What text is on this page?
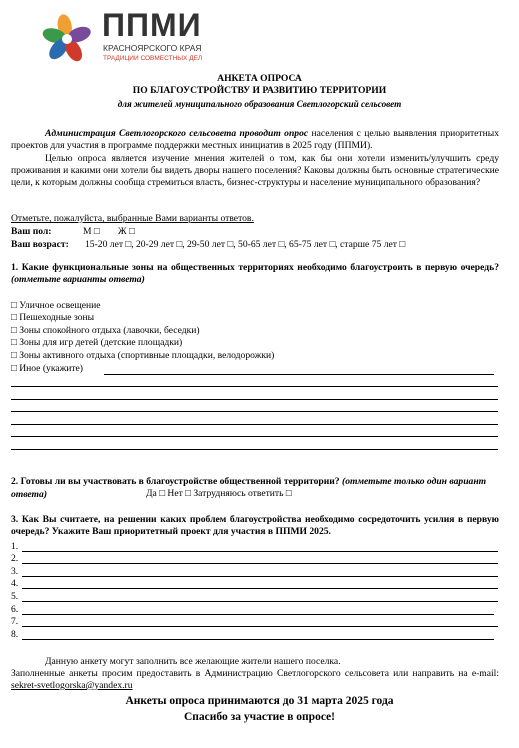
ППМИ
КРАСНОЯРСКОГО КРАЯ
ТРАДИЦИИ СОВМЕСТНЫХ ДЕЛ
АНКЕТА ОПРОСА
ПО БЛАГОУСТРОЙСТВУ И РАЗВИТИЮ ТЕРРИТОРИИ
для жителей муниципального образования Светлогорский сельсовет
Администрация Светлогорского сельсовета проводит опрос населения с целью выявления приоритетных проектов для участия в программе поддержки местных инициатив в 2025 году (ППМИ).
Целью опроса является изучение мнения жителей о том, как бы они хотели изменить/улучшить среду проживания и какими они хотели бы видеть дворы нашего поселения? Каковы должны быть основные стратегические цели, к которым должны сообща стремиться власть, бизнес-структуры и население муниципального образования?
Отметьте, пожалуйста, выбранные Вами варианты ответов.
Ваш пол:	М □ Ж □
Ваш возраст: 15-20 лет □, 20-29 лет □, 29-50 лет □, 50-65 лет □, 65-75 лет □, старше 75 лет □
1. Какие функциональные зоны на общественных территориях необходимо благоустроить в первую очередь? (отметьте варианты ответа)
□ Уличное освещение
□ Пешеходные зоны
□ Зоны спокойного отдыха (лавочки, беседки)
□ Зоны для игр детей (детские площадки)
□ Зоны активного отдыха (спортивные площадки, велодорожки)
□ Иное (укажите)
2. Готовы ли вы участвовать в благоустройстве общественной территории? (отметьте только один вариант ответа)	Да □ Нет □ Затрудняюсь ответить □
3. Как Вы считаете, на решении каких проблем благоустройства необходимо сосредоточить усилия в первую очередь? Укажите Ваш приоритетный проект для участия в ППМИ 2025.
1.
2.
3.
4.
5.
6.
7.
8.
Данную анкету могут заполнить все желающие жители нашего поселка.
Заполненные анкеты просим предоставить в Администрацию Светлогорского сельсовета или направить на e-mail: sekret-svetlogorska@yandex.ru
Анкеты опроса принимаются до 31 марта 2025 года
Спасибо за участие в опросе!
